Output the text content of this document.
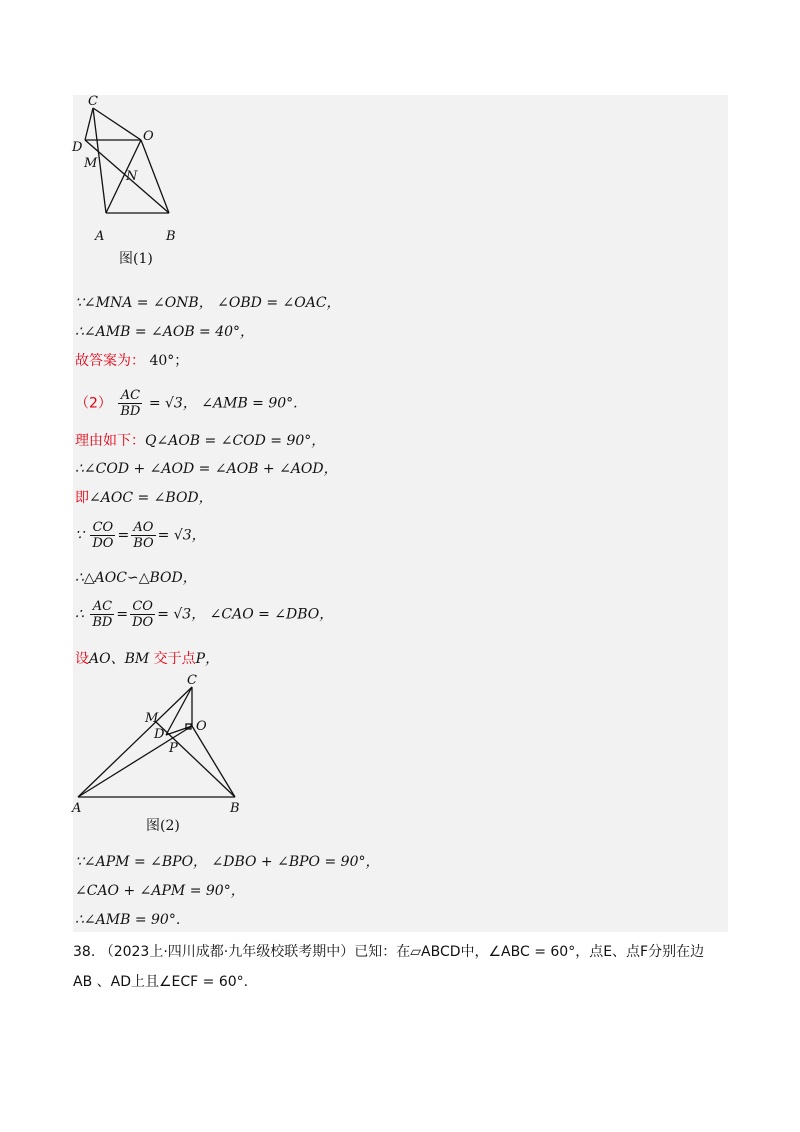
C
D
M
O
N
A	B
图(1)
∵∠MNA = ∠ONB， ∠OBD = ∠OAC，
∴∠AMB = ∠AOB = 40°，
故答案为： 40°；
$(2) \frac{AC}{BD} = √3$， ∠AMB = 90°.
理由如下：Q∠AOB = ∠COD = 90°，
∴∠COD + ∠AOD = ∠AOB + ∠AOD，
即∠AOC = ∠BOD，
∵ $\frac{CO}{DO} = \frac{AO}{BO} = √3$，
∴△AOC∽△BOD，
∴ $\frac{AC}{BD} = \frac{CO}{DO} = √3$， ∠CAO = ∠DBO，
设AO、BM 交于点P，
C
M
O
D
P
A	B
图(2)
∵∠APM = ∠BPO， ∠DBO + ∠BPO = 90°，
∠CAO + ∠APM = 90°，
∴∠AMB = 90°.
38. （2023上·四川成都·九年级校联考期中）已知：在▱ABCD中，∠ABC = 60°，点E、点F分别在边
AB 、AD上且∠ECF = 60°.
